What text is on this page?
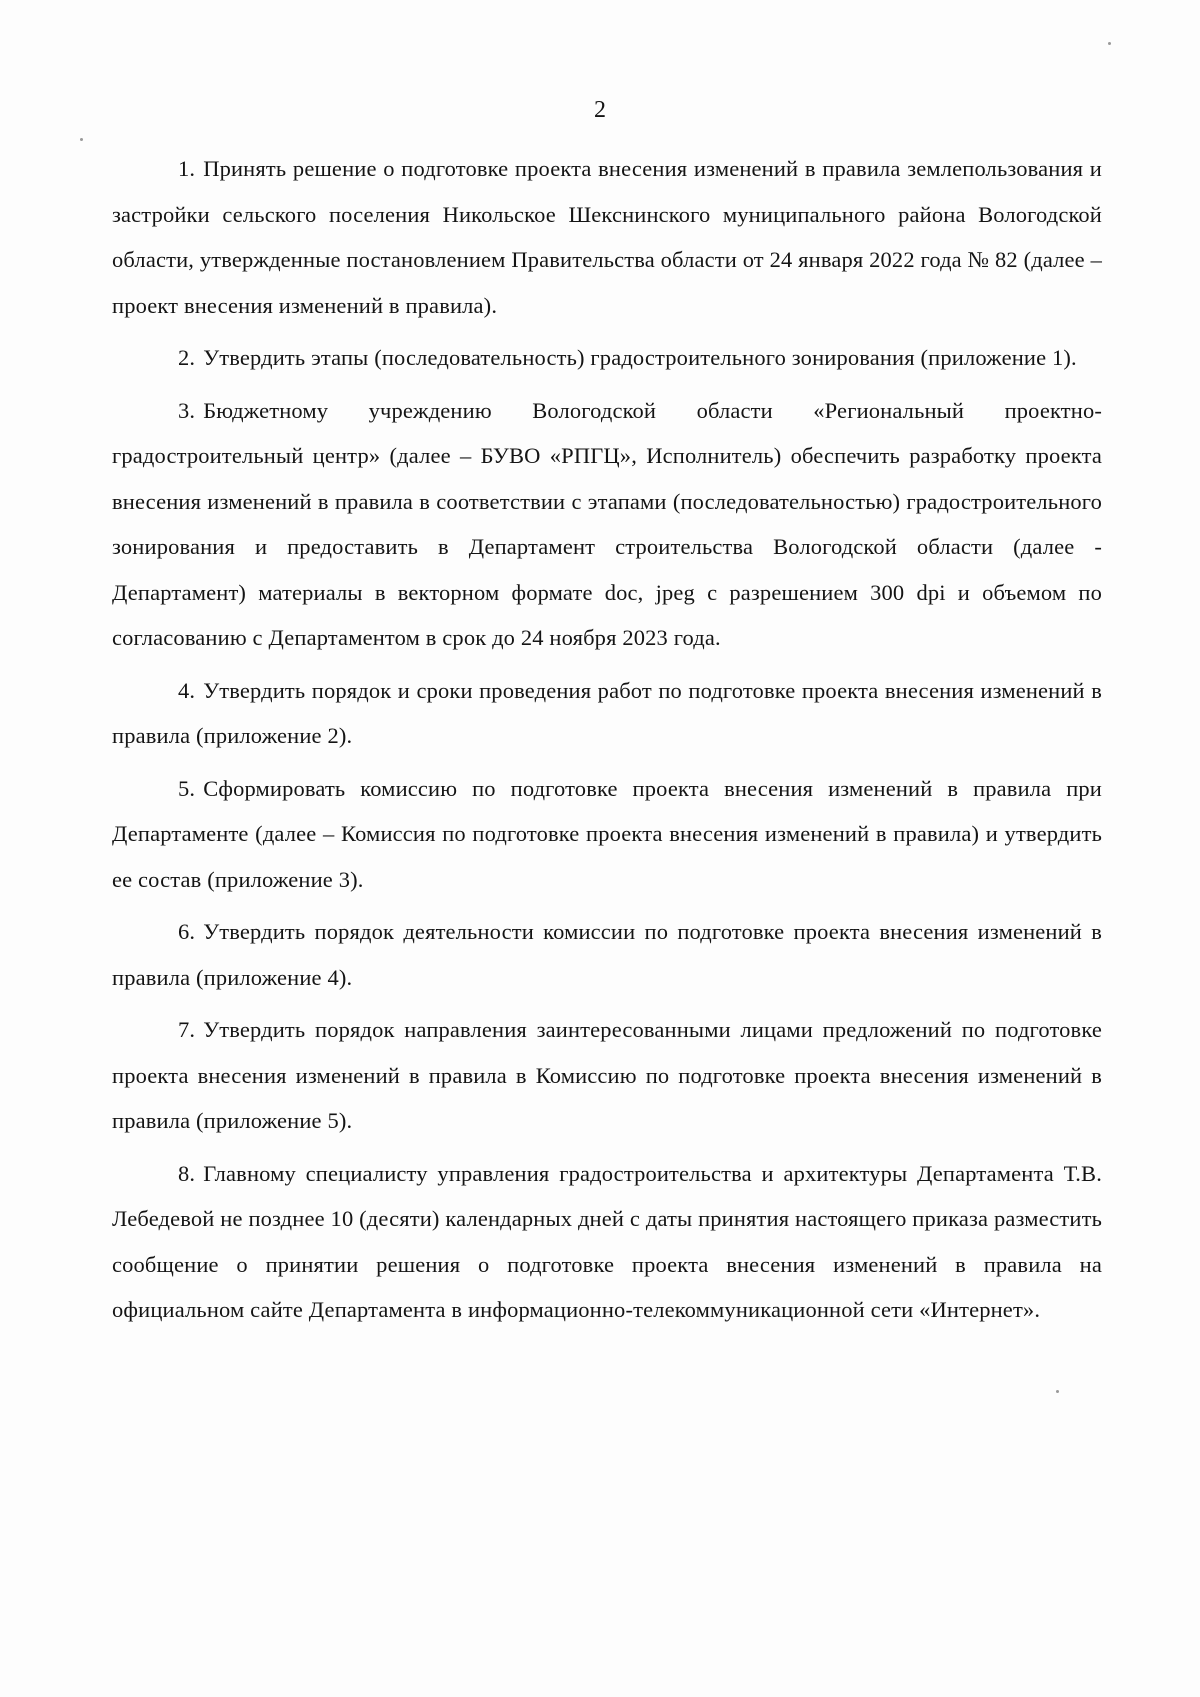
2

1. Принять решение о подготовке проекта внесения изменений в правила землепользования и застройки сельского поселения Никольское Шекснинского муниципального района Вологодской области, утвержденные постановлением Правительства области от 24 января 2022 года № 82 (далее – проект внесения изменений в правила).

2. Утвердить этапы (последовательность) градостроительного зонирования (приложение 1).

3. Бюджетному учреждению Вологодской области «Региональный проектно-градостроительный центр» (далее – БУВО «РПГЦ», Исполнитель) обеспечить разработку проекта внесения изменений в правила в соответствии с этапами (последовательностью) градостроительного зонирования и предоставить в Департамент строительства Вологодской области (далее - Департамент) материалы в векторном формате doc, jpeg с разрешением 300 dpi и объемом по согласованию с Департаментом в срок до 24 ноября 2023 года.

4. Утвердить порядок и сроки проведения работ по подготовке проекта внесения изменений в правила (приложение 2).

5. Сформировать комиссию по подготовке проекта внесения изменений в правила при Департаменте (далее – Комиссия по подготовке проекта внесения изменений в правила) и утвердить ее состав (приложение 3).

6. Утвердить порядок деятельности комиссии по подготовке проекта внесения изменений в правила (приложение 4).

7. Утвердить порядок направления заинтересованными лицами предложений по подготовке проекта внесения изменений в правила в Комиссию по подготовке проекта внесения изменений в правила (приложение 5).

8. Главному специалисту управления градостроительства и архитектуры Департамента Т.В. Лебедевой не позднее 10 (десяти) календарных дней с даты принятия настоящего приказа разместить сообщение о принятии решения о подготовке проекта внесения изменений в правила на официальном сайте Департамента в информационно-телекоммуникационной сети «Интернет».
